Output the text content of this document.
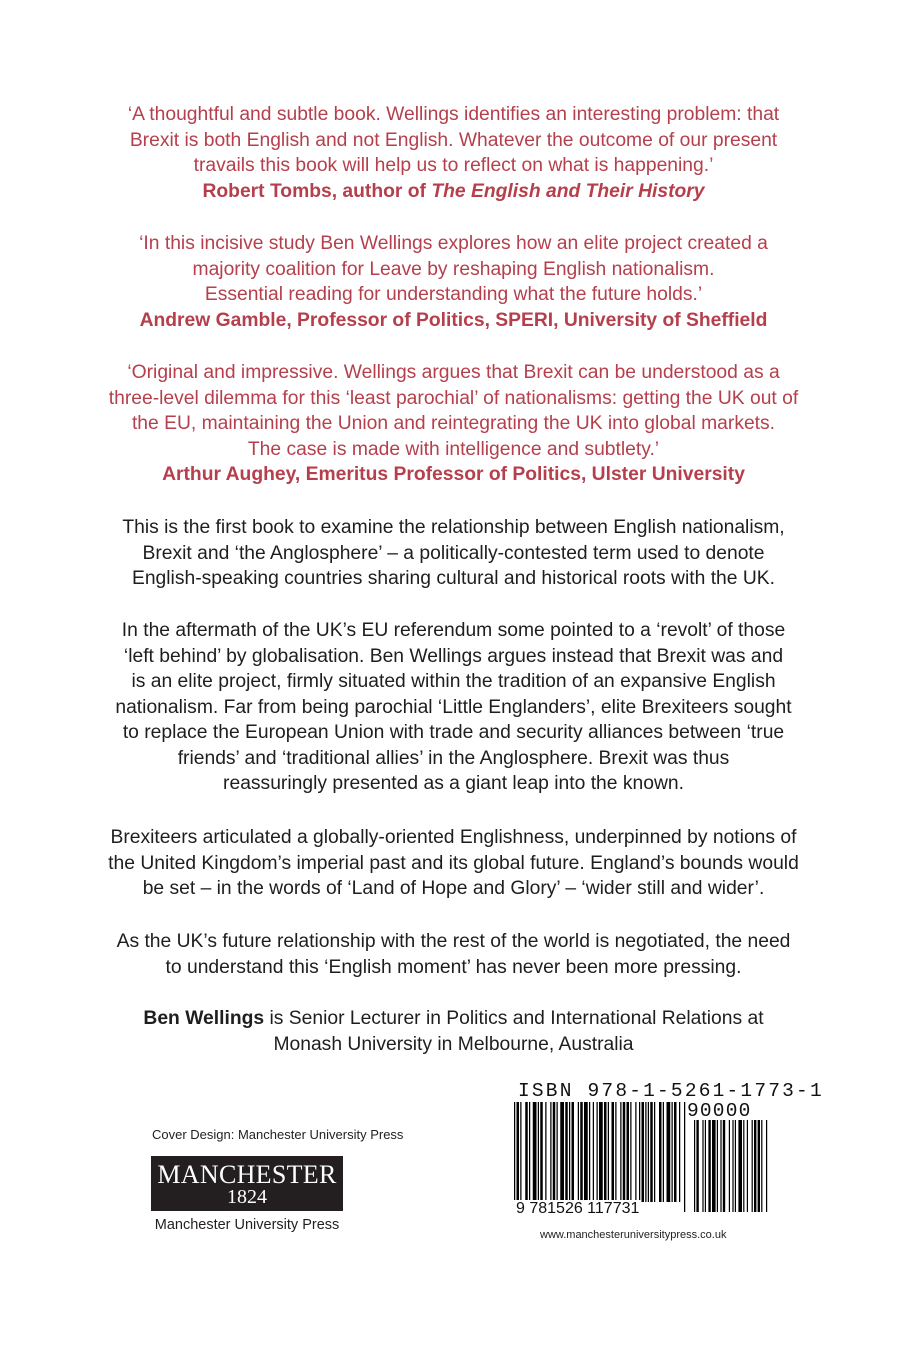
‘A thoughtful and subtle book. Wellings identifies an interesting problem: that
Brexit is both English and not English. Whatever the outcome of our present
travails this book will help us to reflect on what is happening.’
Robert Tombs, author of The English and Their History
‘In this incisive study Ben Wellings explores how an elite project created a
majority coalition for Leave by reshaping English nationalism.
Essential reading for understanding what the future holds.’
Andrew Gamble, Professor of Politics, SPERI, University of Sheffield
‘Original and impressive. Wellings argues that Brexit can be understood as a
three-level dilemma for this ‘least parochial’ of nationalisms: getting the UK out of
the EU, maintaining the Union and reintegrating the UK into global markets.
The case is made with intelligence and subtlety.’
Arthur Aughey, Emeritus Professor of Politics, Ulster University
This is the first book to examine the relationship between English nationalism,
Brexit and ‘the Anglosphere’ – a politically-contested term used to denote
English-speaking countries sharing cultural and historical roots with the UK.
In the aftermath of the UK’s EU referendum some pointed to a ‘revolt’ of those
‘left behind’ by globalisation. Ben Wellings argues instead that Brexit was and
is an elite project, firmly situated within the tradition of an expansive English
nationalism. Far from being parochial ‘Little Englanders’, elite Brexiteers sought
to replace the European Union with trade and security alliances between ‘true
friends’ and ‘traditional allies’ in the Anglosphere. Brexit was thus
reassuringly presented as a giant leap into the known.
Brexiteers articulated a globally-oriented Englishness, underpinned by notions of
the United Kingdom’s imperial past and its global future. England’s bounds would
be set – in the words of ‘Land of Hope and Glory’ – ‘wider still and wider’.
As the UK’s future relationship with the rest of the world is negotiated, the need
to understand this ‘English moment’ has never been more pressing.
Ben Wellings is Senior Lecturer in Politics and International Relations at
Monash University in Melbourne, Australia
Cover Design: Manchester University Press
MANCHESTER
1824
Manchester University Press
ISBN 978-1-5261-1773-1
90000
9 781526 117731
www.manchesteruniversitypress.co.uk
